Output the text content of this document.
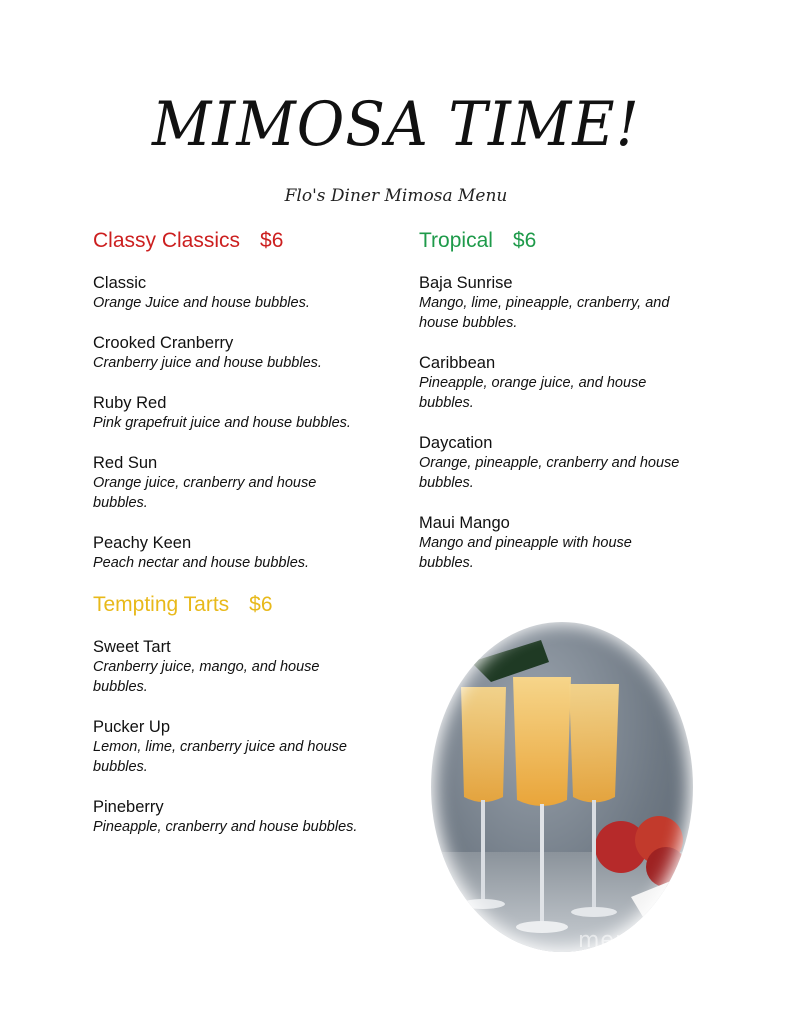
MIMOSA TIME!
Flo's Diner Mimosa Menu
Classy Classics $6
Classic
Orange Juice and house bubbles.
Crooked Cranberry
Cranberry juice and house bubbles.
Ruby Red
Pink grapefruit juice and house bubbles.
Red Sun
Orange juice, cranberry and house bubbles.
Peachy Keen
Peach nectar and house bubbles.
Tempting Tarts $6
Sweet Tart
Cranberry juice, mango, and house bubbles.
Pucker Up
Lemon, lime, cranberry juice and house bubbles.
Pineberry
Pineapple, cranberry and house bubbles.
Tropical $6
Baja Sunrise
Mango, lime, pineapple, cranberry, and house bubbles.
Caribbean
Pineapple, orange juice, and house bubbles.
Daycation
Orange, pineapple, cranberry and house bubbles.
Maui Mango
Mango and pineapple with house bubbles.
menupix
